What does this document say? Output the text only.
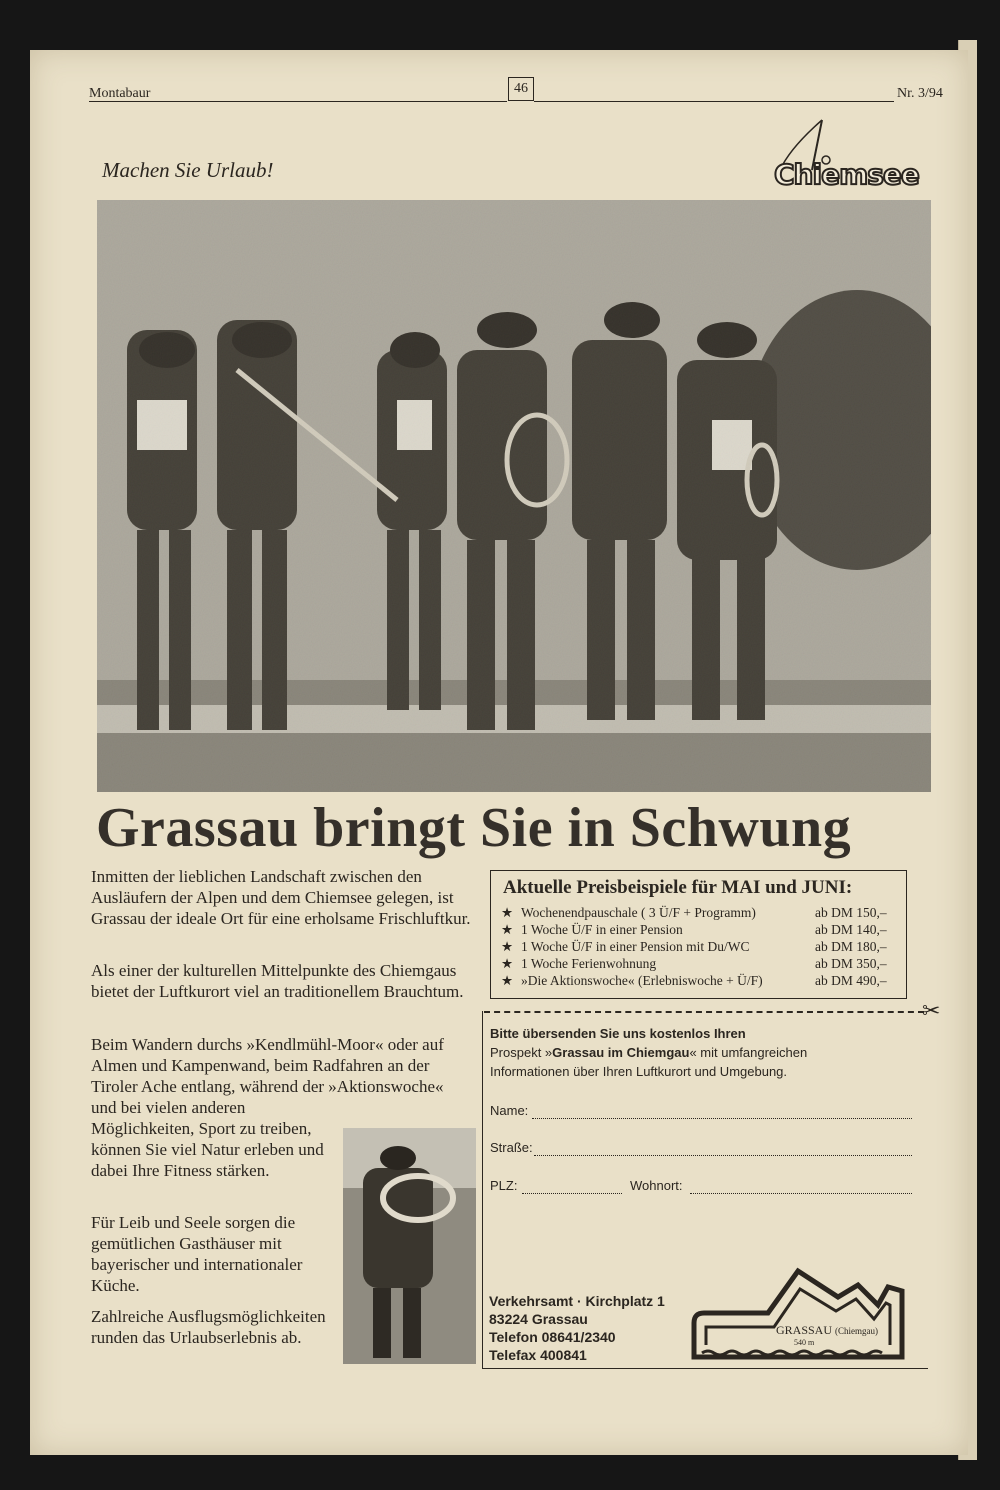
Montabaur	46	Nr. 3/94
Machen Sie Urlaub!	Chiemsee
Grassau bringt Sie in Schwung
Inmitten der lieblichen Landschaft zwischen den Ausläufern der Alpen und dem Chiemsee gelegen, ist Grassau der ideale Ort für eine erholsame Frischluftkur.
Als einer der kulturellen Mittelpunkte des Chiemgaus bietet der Luftkurort viel an traditionellem Brauchtum.
Beim Wandern durchs »Kendlmühl-Moor« oder auf Almen und Kampenwand, beim Radfahren an der Tiroler Ache entlang, während der »Aktionswoche« und bei vielen anderen
Möglichkeiten, Sport zu treiben, können Sie viel Natur erleben und dabei Ihre Fitness stärken.
Für Leib und Seele sorgen die gemütlichen Gasthäuser mit bayerischer und internationaler Küche.
Zahlreiche Ausflugsmöglichkeiten runden das Urlaubserlebnis ab.
Aktuelle Preisbeispiele für MAI und JUNI:
★ Wochenendpauschale ( 3 Ü/F + Programm)	ab DM 150,–
★ 1 Woche Ü/F in einer Pension	ab DM 140,–
★ 1 Woche Ü/F in einer Pension mit Du/WC	ab DM 180,–
★ 1 Woche Ferienwohnung	ab DM 350,–
★ »Die Aktionswoche« (Erlebniswoche + Ü/F)	ab DM 490,–
✂
Bitte übersenden Sie uns kostenlos Ihren
Prospekt »Grassau im Chiemgau« mit umfangreichen
Informationen über Ihren Luftkurort und Umgebung.
Name:
Straße:
PLZ:	Wohnort:
Verkehrsamt · Kirchplatz 1
83224 Grassau
Telefon 08641/2340
Telefax 400841
GRASSAU (Chiemgau)
540 m
